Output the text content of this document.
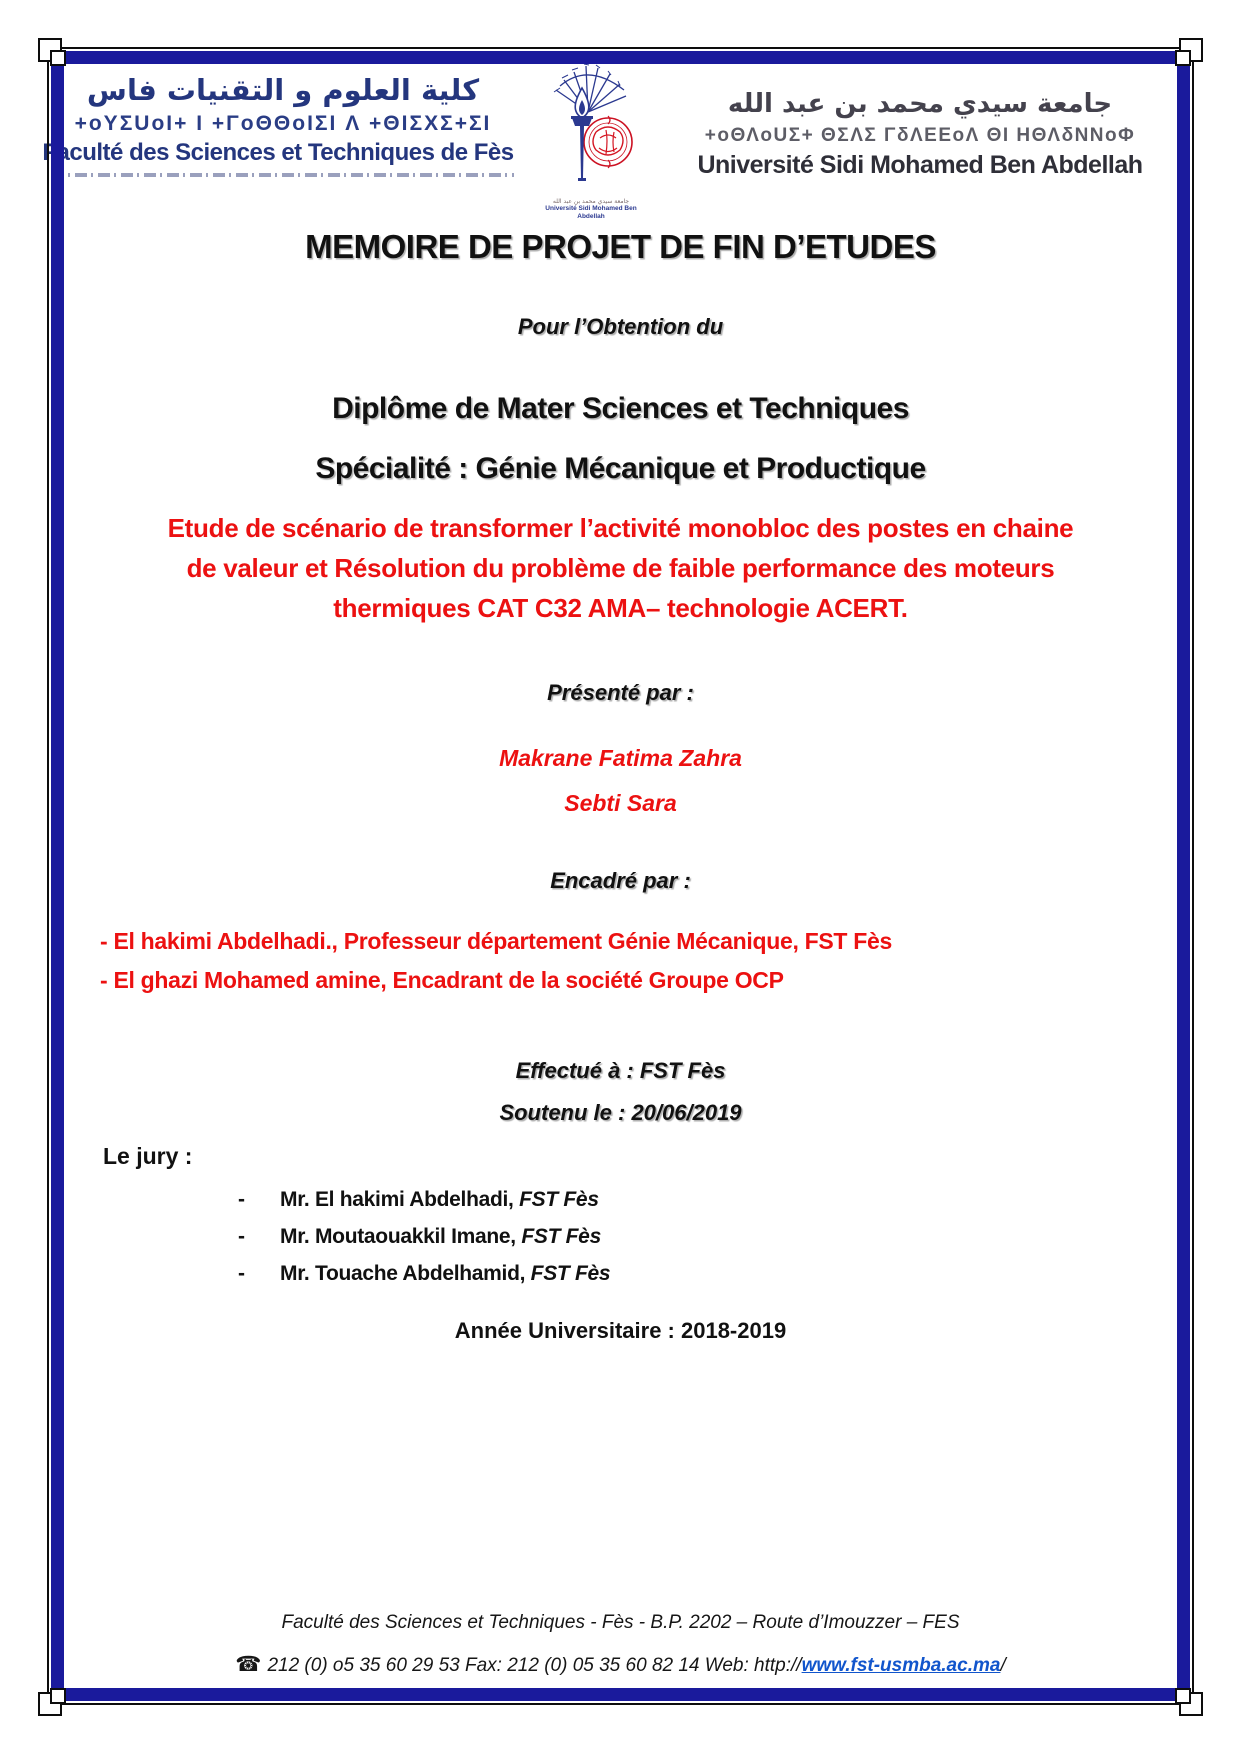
كلية العلوم و التقنيات فاس
+oYΣUoI+ I +ΓoΘΘoIΣI Λ +ΘIΣXΣ+ΣI
Faculté des Sciences et Techniques de Fès
جامعة سيدي محمد بن عبد الله
Université Sidi Mohamed Ben Abdellah
جامعة سيدي محمد بن عبد الله
+oΘΛoUΣ+ ΘΣΛΣ ΓδΛΕΕoΛ ΘΙ ΗΘΛδΝΝoΦ
Université Sidi Mohamed Ben Abdellah
MEMOIRE DE PROJET DE FIN D’ETUDES
Pour l’Obtention du
Diplôme de Mater Sciences et Techniques
Spécialité : Génie Mécanique et Productique
Etude de scénario de transformer l’activité monobloc des postes en chaine
de valeur et Résolution du problème de faible performance des moteurs
thermiques CAT C32 AMA– technologie ACERT.
Présenté par :
Makrane Fatima Zahra
Sebti Sara
Encadré par :
- El hakimi Abdelhadi., Professeur département Génie Mécanique, FST Fès
- El ghazi Mohamed amine, Encadrant de la société Groupe OCP
Effectué à : FST Fès
Soutenu le : 20/06/2019
Le jury :
- Mr. El hakimi Abdelhadi, FST Fès
- Mr. Moutaouakkil Imane, FST Fès
- Mr. Touache Abdelhamid, FST Fès
Année Universitaire : 2018-2019
Faculté des Sciences et Techniques - Fès - B.P. 2202 – Route d’Imouzzer – FES
☎ 212 (0) o5 35 60 29 53 Fax: 212 (0) 05 35 60 82 14 Web: http://www.fst-usmba.ac.ma/
